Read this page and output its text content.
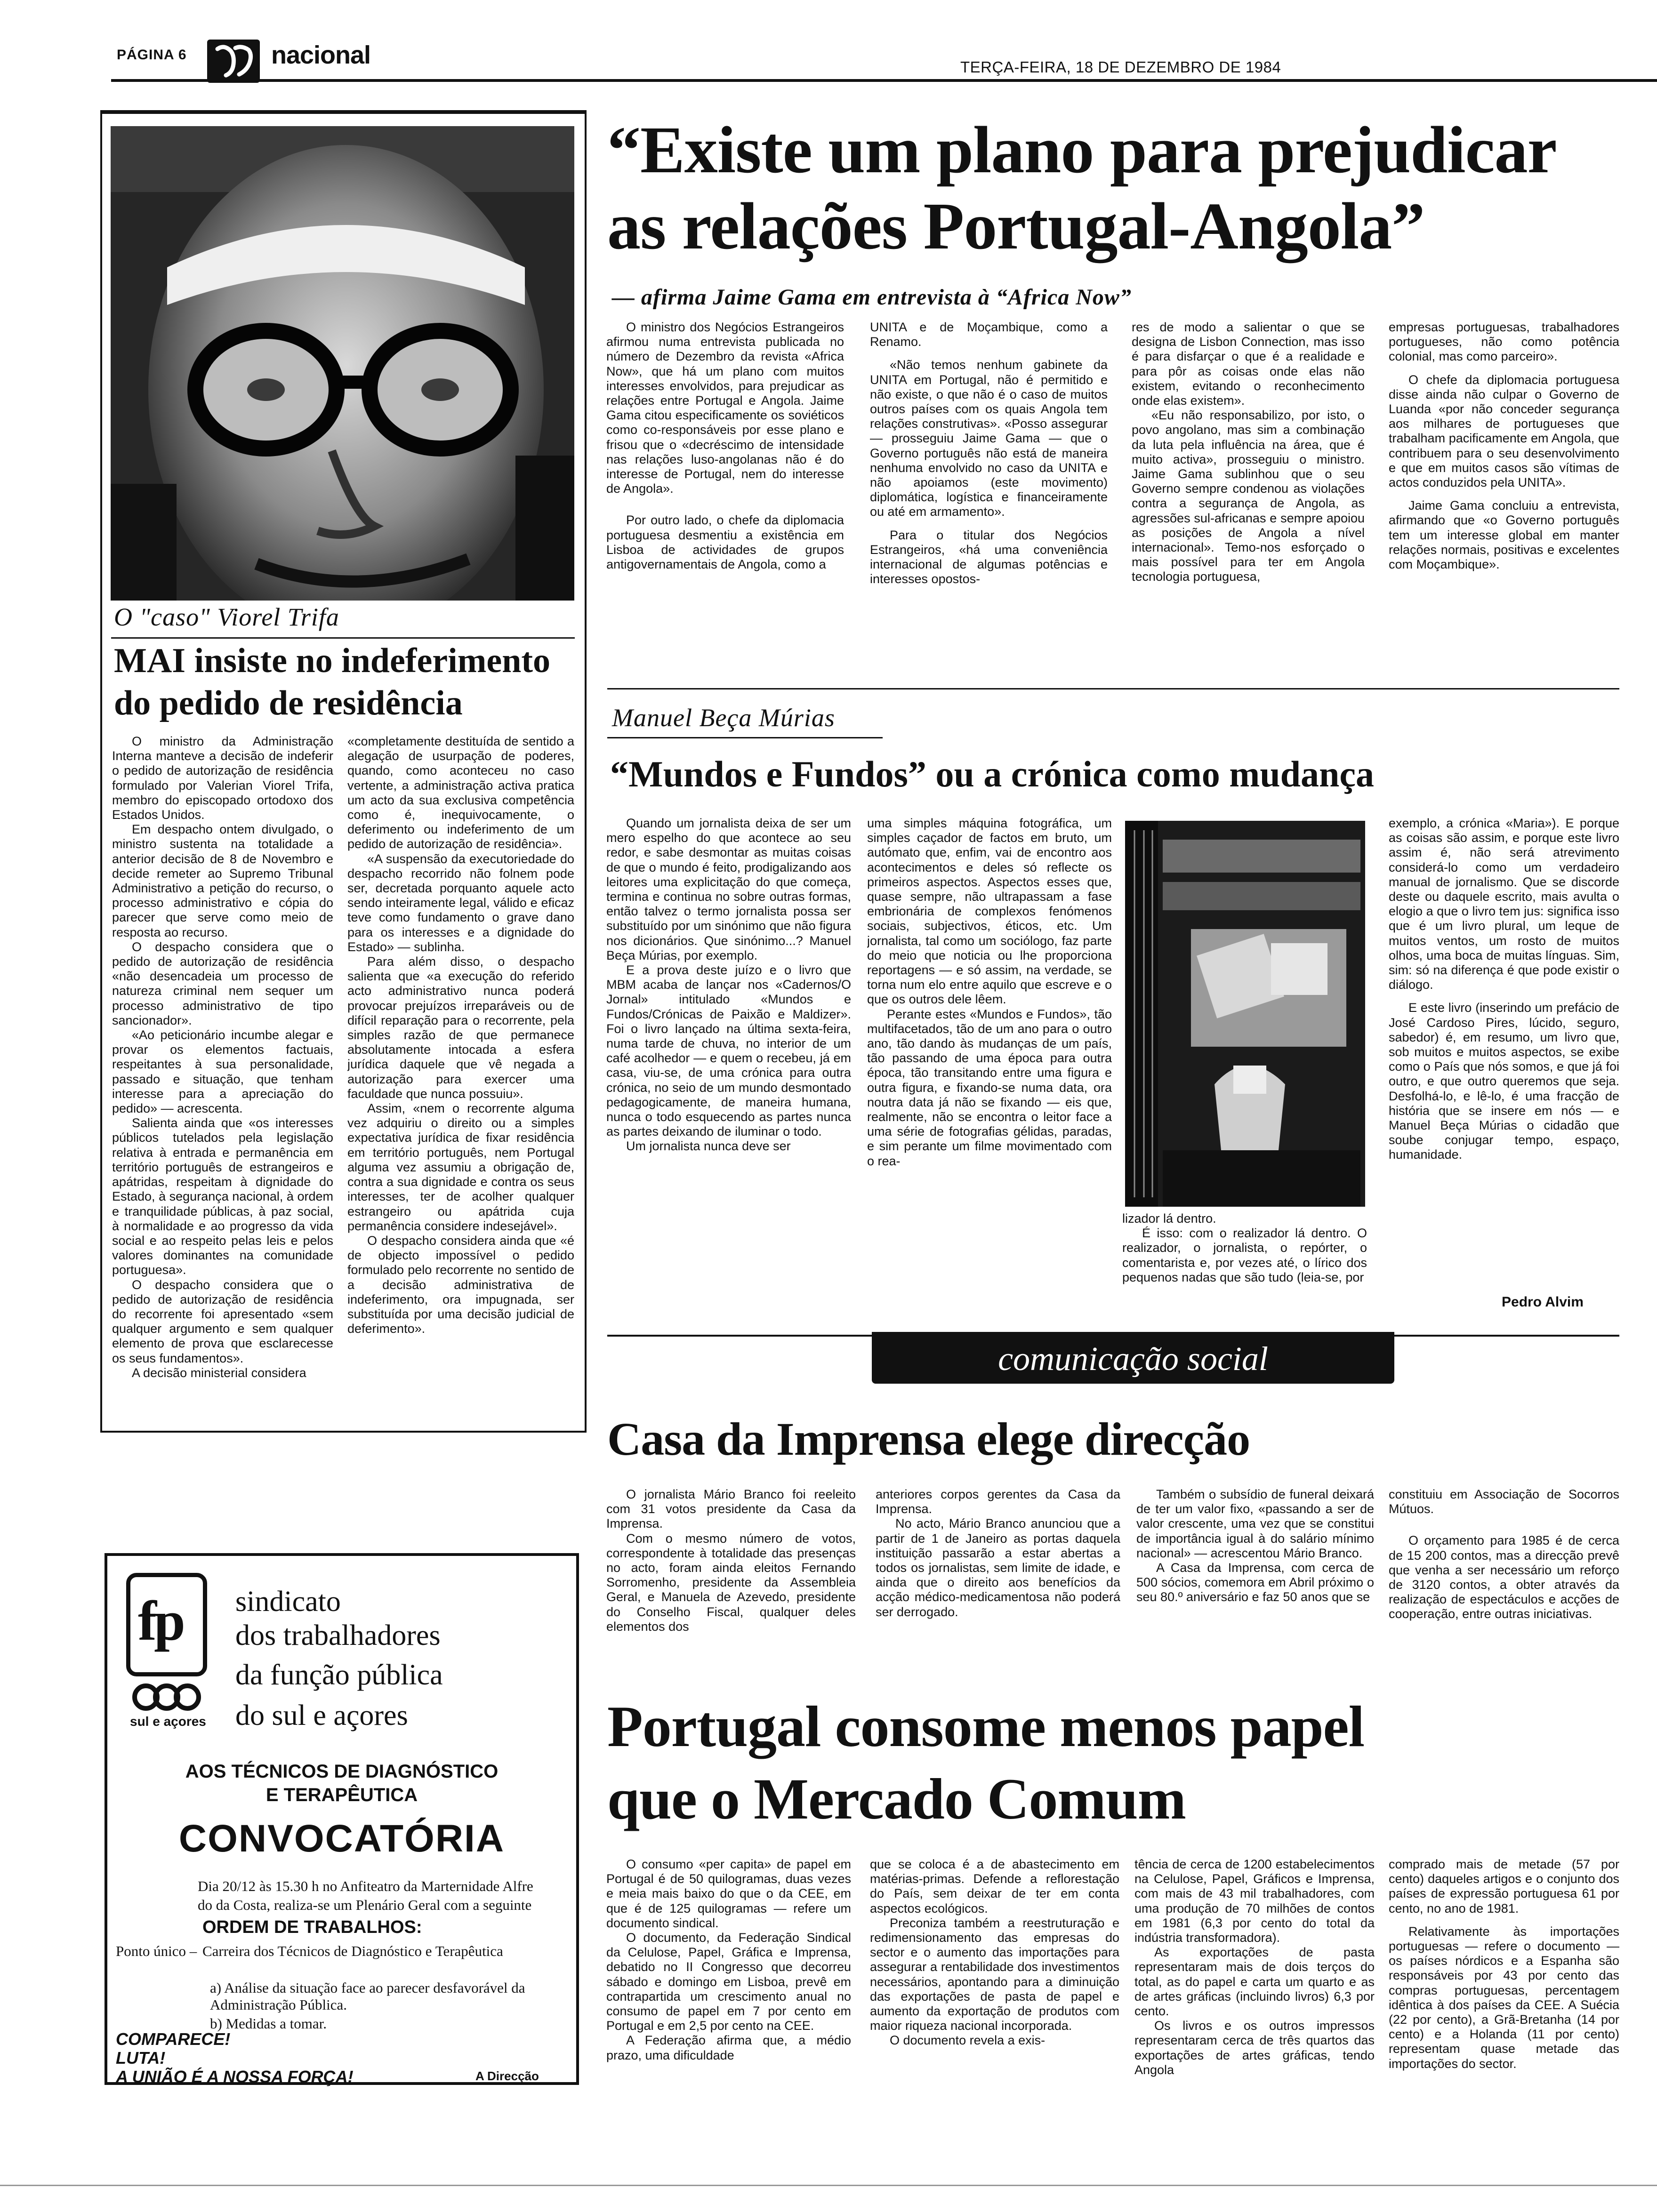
PÁGINA 6	nacional	TERÇA-FEIRA, 18 DE DEZEMBRO DE 1984
O "caso" Viorel Trifa
MAI insiste no indeferimento
do pedido de residência

O ministro da Administração Interna manteve a decisão de indeferir o pedido de autorização de residência formulado por Valerian Viorel Trifa, membro do episcopado ortodoxo dos Estados Unidos.

Em despacho ontem divulgado, o ministro sustenta na totalidade a anterior decisão de 8 de Novembro e decide remeter ao Supremo Tribunal Administrativo a petição do recurso, o processo administrativo e cópia do parecer que serve como meio de resposta ao recurso.

O despacho considera que o pedido de autorização de residência «não desencadeia um processo de natureza criminal nem sequer um processo administrativo de tipo sancionador».

«Ao peticionário incumbe alegar e provar os elementos factuais, respeitantes à sua personalidade, passado e situação, que tenham interesse para a apreciação do pedido» — acrescenta.

Salienta ainda que «os interesses públicos tutelados pela legislação relativa à entrada e permanência em território português de estrangeiros e apátridas, respeitam à dignidade do Estado, à segurança nacional, à ordem e tranquilidade públicas, à paz social, à normalidade e ao progresso da vida social e ao respeito pelas leis e pelos valores dominantes na comunidade portuguesa».

O despacho considera que o pedido de autorização de residência do recorrente foi apresentado «sem qualquer argumento e sem qualquer elemento de prova que esclarecesse os seus fundamentos».

A decisão ministerial considera

«completamente destituída de sentido a alegação de usurpação de poderes, quando, como aconteceu no caso vertente, a administração activa pratica um acto da sua exclusiva competência como é, inequivocamente, o deferimento ou indeferimento de um pedido de autorização de residência».

«A suspensão da executoriedade do despacho recorrido não folnem pode ser, decretada porquanto aquele acto sendo inteiramente legal, válido e eficaz teve como fundamento o grave dano para os interesses e a dignidade do Estado» — sublinha.

Para além disso, o despacho salienta que «a execução do referido acto administrativo nunca poderá provocar prejuízos irreparáveis ou de difícil reparação para o recorrente, pela simples razão de que permanece absolutamente intocada a esfera jurídica daquele que vê negada a autorização para exercer uma faculdade que nunca possuiu».

Assim, «nem o recorrente alguma vez adquiriu o direito ou a simples expectativa jurídica de fixar residência em território português, nem Portugal alguma vez assumiu a obrigação de, contra a sua dignidade e contra os seus interesses, ter de acolher qualquer estrangeiro ou apátrida cuja permanência considere indesejável».

O despacho considera ainda que «é de objecto impossível o pedido formulado pelo recorrente no sentido de a decisão administrativa de indeferimento, ora impugnada, ser substituída por uma decisão judicial de deferimento».

fp
sul e açores
sindicato
dos trabalhadores
da função pública
do sul e açores
AOS TÉCNICOS DE DIAGNÓSTICO
E TERAPÊUTICA
CONVOCATÓRIA
Dia 20/12 às 15.30 h no Anfiteatro da Marternidade Alfre
do da Costa, realiza-se um Plenário Geral com a seguinte
ORDEM DE TRABALHOS:
Ponto único – Carreira dos Técnicos de Diagnóstico e Terapêutica
a) Análise da situação face ao parecer desfavorável da Administração Pública.
b) Medidas a tomar.
COMPARECE!
LUTA!
A UNIÃO É A NOSSA FORÇA!	A Direcção
“Existe um plano para prejudicar
as relações Portugal-Angola”
— afirma Jaime Gama em entrevista à “Africa Now”

O ministro dos Negócios Estrangeiros afirmou numa entrevista publicada no número de Dezembro da revista «Africa Now», que há um plano com muitos interesses envolvidos, para prejudicar as relações entre Portugal e Angola. Jaime Gama citou especificamente os soviéticos como co-responsáveis por esse plano e frisou que o «decréscimo de intensidade nas relações luso-angolanas não é do interesse de Portugal, nem do interesse de Angola».

Por outro lado, o chefe da diplomacia portuguesa desmentiu a existência em Lisboa de actividades de grupos antigovernamentais de Angola, como a

UNITA e de Moçambique, como a Renamo.

«Não temos nenhum gabinete da UNITA em Portugal, não é permitido e não existe, o que não é o caso de muitos outros países com os quais Angola tem relações construtivas». «Posso assegurar — prosseguiu Jaime Gama — que o Governo português não está de maneira nenhuma envolvido no caso da UNITA e não apoiamos (este movimento) diplomática, logística e financeiramente ou até em armamento».

Para o titular dos Negócios Estrangeiros, «há uma conveniência internacional de algumas potências e interesses opostos-

res de modo a salientar o que se designa de Lisbon Connection, mas isso é para disfarçar o que é a realidade e para pôr as coisas onde elas não existem, evitando o reconhecimento onde elas existem».

«Eu não responsabilizo, por isto, o povo angolano, mas sim a combinação da luta pela influência na área, que é muito activa», prosseguiu o ministro. Jaime Gama sublinhou que o seu Governo sempre condenou as violações contra a segurança de Angola, as agressões sul-africanas e sempre apoiou as posições de Angola a nível internacional». Temo-nos esforçado o mais possível para ter em Angola tecnologia portuguesa,

empresas portuguesas, trabalhadores portugueses, não como potência colonial, mas como parceiro».

O chefe da diplomacia portuguesa disse ainda não culpar o Governo de Luanda «por não conceder segurança aos milhares de portugueses que trabalham pacificamente em Angola, que contribuem para o seu desenvolvimento e que em muitos casos são vítimas de actos conduzidos pela UNITA».

Jaime Gama concluiu a entrevista, afirmando que «o Governo português tem um interesse global em manter relações normais, positivas e excelentes com Moçambique».

Manuel Beça Múrias
“Mundos e Fundos” ou a crónica como mudança

Quando um jornalista deixa de ser um mero espelho do que acontece ao seu redor, e sabe desmontar as muitas coisas de que o mundo é feito, prodigalizando aos leitores uma explicitação do que começa, termina e continua no sobre outras formas, então talvez o termo jornalista possa ser substituído por um sinónimo que não figura nos dicionários. Que sinónimo...? Manuel Beça Múrias, por exemplo.

E a prova deste juízo e o livro que MBM acaba de lançar nos «Cadernos/O Jornal» intitulado «Mundos e Fundos/Crónicas de Paixão e Maldizer». Foi o livro lançado na última sexta-feira, numa tarde de chuva, no interior de um café acolhedor — e quem o recebeu, já em casa, viu-se, de uma crónica para outra crónica, no seio de um mundo desmontado pedagogicamente, de maneira humana, nunca o todo esquecendo as partes nunca as partes deixando de iluminar o todo.

Um jornalista nunca deve ser

uma simples máquina fotográfica, um simples caçador de factos em bruto, um autómato que, enfim, vai de encontro aos acontecimentos e deles só reflecte os primeiros aspectos. Aspectos esses que, quase sempre, não ultrapassam a fase embrionária de complexos fenómenos sociais, subjectivos, éticos, etc. Um jornalista, tal como um sociólogo, faz parte do meio que noticia ou lhe proporciona reportagens — e só assim, na verdade, se torna num elo entre aquilo que escreve e o que os outros dele lêem.

Perante estes «Mundos e Fundos», tão multifacetados, tão de um ano para o outro ano, tão dando às mudanças de um país, tão passando de uma época para outra época, tão transitando entre uma figura e outra figura, e fixando-se numa data, ora noutra data já não se fixando — eis que, realmente, não se encontra o leitor face a uma série de fotografias gélidas, paradas, e sim perante um filme movimentado com o rea-

lizador lá dentro.

É isso: com o realizador lá dentro. O realizador, o jornalista, o repórter, o comentarista e, por vezes até, o lírico dos pequenos nadas que são tudo (leia-se, por

exemplo, a crónica «Maria»). E porque as coisas são assim, e porque este livro assim é, não será atrevimento considerá-lo como um verdadeiro manual de jornalismo. Que se discorde deste ou daquele escrito, mais avulta o elogio a que o livro tem jus: significa isso que é um livro plural, um leque de muitos ventos, um rosto de muitos olhos, uma boca de muitas línguas. Sim, sim: só na diferença é que pode existir o diálogo.

E este livro (inserindo um prefácio de José Cardoso Pires, lúcido, seguro, sabedor) é, em resumo, um livro que, sob muitos e muitos aspectos, se exibe como o País que nós somos, e que já foi outro, e que outro queremos que seja. Desfolhá-lo, e lê-lo, é uma fracção de história que se insere em nós — e Manuel Beça Múrias o cidadão que soube conjugar tempo, espaço, humanidade.

Pedro Alvim
comunicação social
Casa da Imprensa elege direcção

O jornalista Mário Branco foi reeleito com 31 votos presidente da Casa da Imprensa.

Com o mesmo número de votos, correspondente à totalidade das presenças no acto, foram ainda eleitos Fernando Sorromenho, presidente da Assembleia Geral, e Manuela de Azevedo, presidente do Conselho Fiscal, qualquer deles elementos dos

anteriores corpos gerentes da Casa da Imprensa.

No acto, Mário Branco anunciou que a partir de 1 de Janeiro as portas daquela instituição passarão a estar abertas a todos os jornalistas, sem limite de idade, e ainda que o direito aos benefícios da acção médico-medicamentosa não poderá ser derrogado.

Também o subsídio de funeral deixará de ter um valor fixo, «passando a ser de valor crescente, uma vez que se constitui de importância igual à do salário mínimo nacional» — acrescentou Mário Branco.

A Casa da Imprensa, com cerca de 500 sócios, comemora em Abril próximo o seu 80.º aniversário e faz 50 anos que se

constituiu em Associação de Socorros Mútuos.

O orçamento para 1985 é de cerca de 15 200 contos, mas a direcção prevê que venha a ser necessário um reforço de 3120 contos, a obter através da realização de espectáculos e acções de cooperação, entre outras iniciativas.

Portugal consome menos papel
que o Mercado Comum

O consumo «per capita» de papel em Portugal é de 50 quilogramas, duas vezes e meia mais baixo do que o da CEE, em que é de 125 quilogramas — refere um documento sindical.

O documento, da Federação Sindical da Celulose, Papel, Gráfica e Imprensa, debatido no II Congresso que decorreu sábado e domingo em Lisboa, prevê em contrapartida um crescimento anual no consumo de papel em 7 por cento em Portugal e em 2,5 por cento na CEE.

A Federação afirma que, a médio prazo, uma dificuldade

que se coloca é a de abastecimento em matérias-primas. Defende a reflorestação do País, sem deixar de ter em conta aspectos ecológicos.

Preconiza também a reestruturação e redimensionamento das empresas do sector e o aumento das importações para assegurar a rentabilidade dos investimentos necessários, apontando para a diminuição das exportações de pasta de papel e aumento da exportação de produtos com maior riqueza nacional incorporada.

O documento revela a exis-

tência de cerca de 1200 estabelecimentos na Celulose, Papel, Gráficos e Imprensa, com mais de 43 mil trabalhadores, com uma produção de 70 milhões de contos em 1981 (6,3 por cento do total da indústria transformadora).

As exportações de pasta representaram mais de dois terços do total, as do papel e carta um quarto e as de artes gráficas (incluindo livros) 6,3 por cento.

Os livros e os outros impressos representaram cerca de três quartos das exportações de artes gráficas, tendo Angola

comprado mais de metade (57 por cento) daqueles artigos e o conjunto dos países de expressão portuguesa 61 por cento, no ano de 1981.

Relativamente às importações portuguesas — refere o documento — os países nórdicos e a Espanha são responsáveis por 43 por cento das compras portuguesas, percentagem idêntica à dos países da CEE. A Suécia (22 por cento), a Grã-Bretanha (14 por cento) e a Holanda (11 por cento) representam quase metade das importações do sector.
